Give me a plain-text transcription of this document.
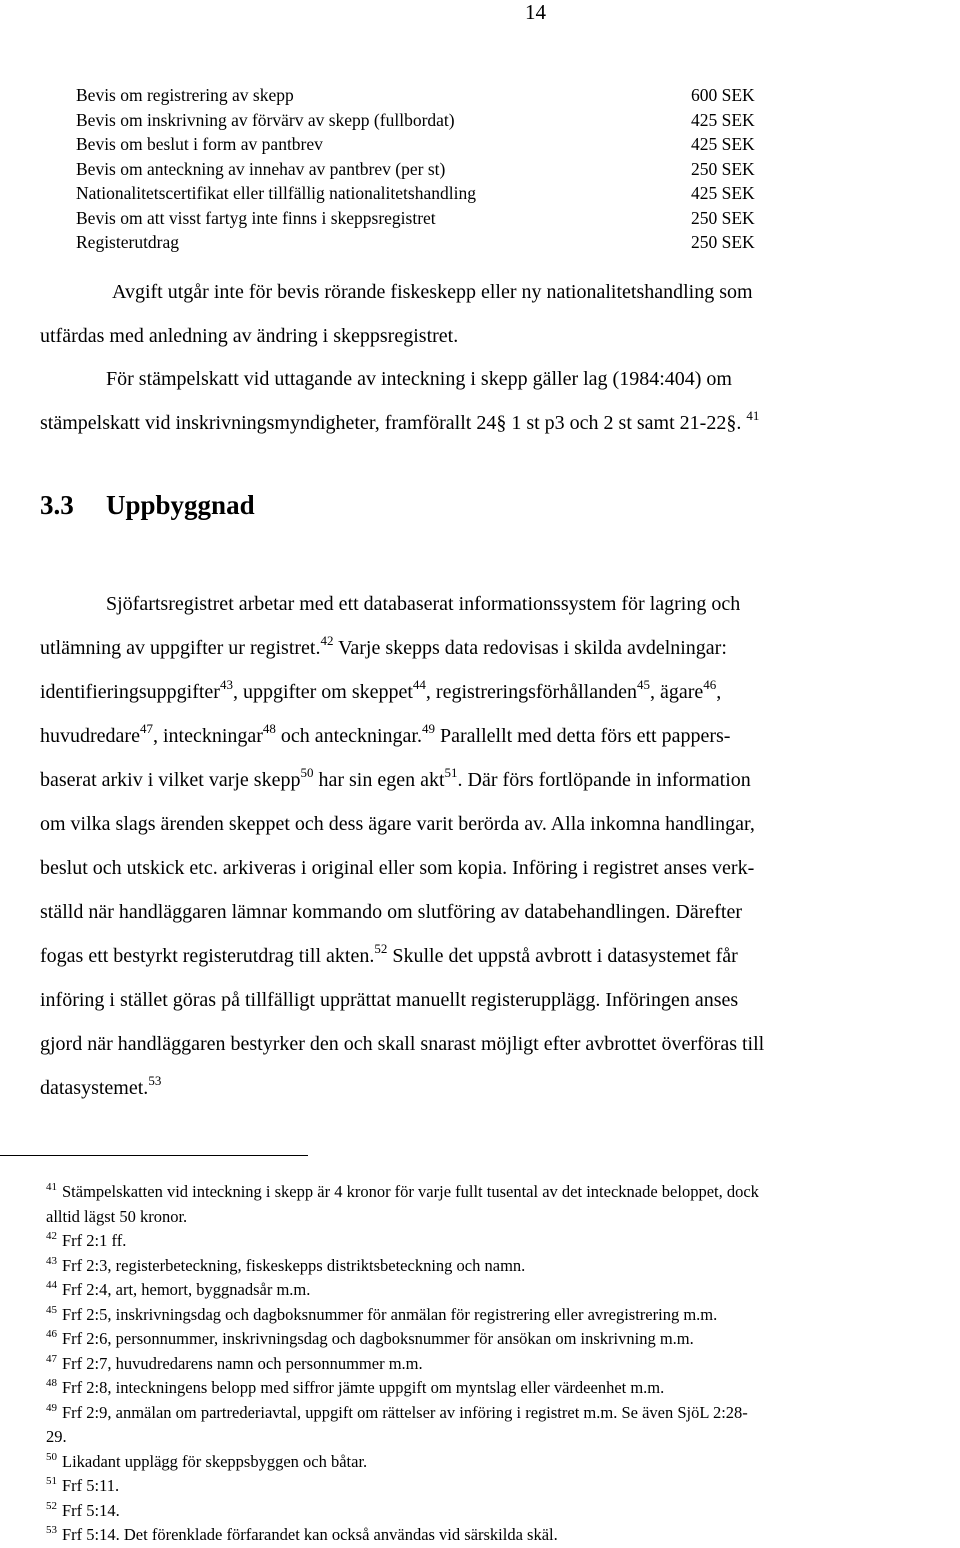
14
Bevis om registrering av skepp	600 SEK
Bevis om inskrivning av förvärv av skepp (fullbordat)	425 SEK
Bevis om beslut i form av pantbrev	425 SEK
Bevis om anteckning av innehav av pantbrev (per st)	250 SEK
Nationalitetscertifikat eller tillfällig nationalitetshandling	425 SEK
Bevis om att visst fartyg inte finns i skeppsregistret	250 SEK
Registerutdrag	250 SEK
Avgift utgår inte för bevis rörande fiskeskepp eller ny nationalitetshandling som
utfärdas med anledning av ändring i skeppsregistret.
För stämpelskatt vid uttagande av inteckning i skepp gäller lag (1984:404) om
stämpelskatt vid inskrivningsmyndigheter, framförallt 24§ 1 st p3 och 2 st samt 21-22§. $^{41}$
3.3 Uppbyggnad
Sjöfartsregistret arbetar med ett databaserat informationssystem för lagring och
utlämning av uppgifter ur registret.$^{42}$ Varje skepps data redovisas i skilda avdelningar:
identifieringsuppgifter$^{43}$, uppgifter om skeppet$^{44}$, registreringsförhållanden$^{45}$, ägare$^{46}$,
huvudredare$^{47}$, inteckningar$^{48}$ och anteckningar.$^{49}$ Parallellt med detta förs ett pappers-
baserat arkiv i vilket varje skepp$^{50}$ har sin egen akt$^{51}$. Där förs fortlöpande in information
om vilka slags ärenden skeppet och dess ägare varit berörda av. Alla inkomna handlingar,
beslut och utskick etc. arkiveras i original eller som kopia. Införing i registret anses verk-
ställd när handläggaren lämnar kommando om slutföring av databehandlingen. Därefter
fogas ett bestyrkt registerutdrag till akten.$^{52}$ Skulle det uppstå avbrott i datasystemet får
införing i stället göras på tillfälligt upprättat manuellt registerupplägg. Införingen anses
gjord när handläggaren bestyrker den och skall snarast möjligt efter avbrottet överföras till
datasystemet.$^{53}$
$^{41}$ Stämpelskatten vid inteckning i skepp är 4 kronor för varje fullt tusental av det intecknade beloppet, dock
alltid lägst 50 kronor.
$^{42}$ Frf 2:1 ff.
$^{43}$ Frf 2:3, registerbeteckning, fiskeskepps distriktsbeteckning och namn.
$^{44}$ Frf 2:4, art, hemort, byggnadsår m.m.
$^{45}$ Frf 2:5, inskrivningsdag och dagboksnummer för anmälan för registrering eller avregistrering m.m.
$^{46}$ Frf 2:6, personnummer, inskrivningsdag och dagboksnummer för ansökan om inskrivning m.m.
$^{47}$ Frf 2:7, huvudredarens namn och personnummer m.m.
$^{48}$ Frf 2:8, inteckningens belopp med siffror jämte uppgift om myntslag eller värdeenhet m.m.
$^{49}$ Frf 2:9, anmälan om partrederiavtal, uppgift om rättelser av införing i registret m.m. Se även SjöL 2:28-
29.
$^{50}$ Likadant upplägg för skeppsbyggen och båtar.
$^{51}$ Frf 5:11.
$^{52}$ Frf 5:14.
$^{53}$ Frf 5:14. Det förenklade förfarandet kan också användas vid särskilda skäl.
